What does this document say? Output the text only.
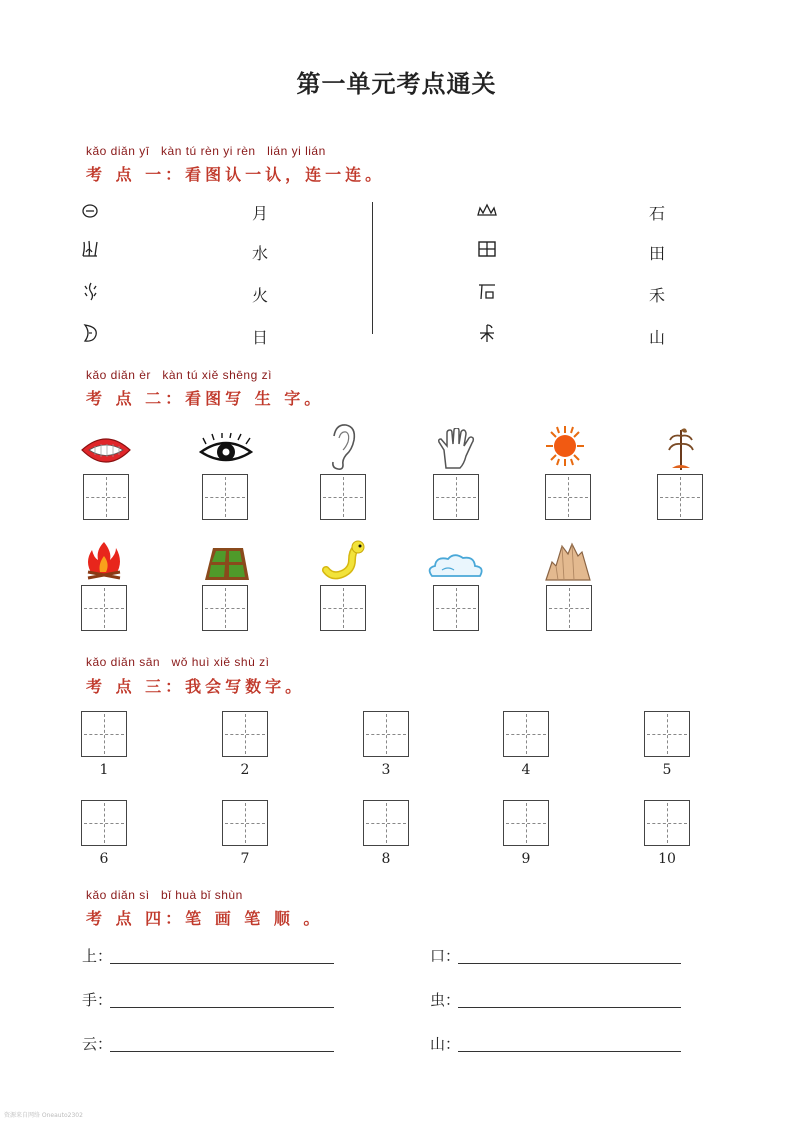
第一单元考点通关
kǎo diǎn yī   kàn tú rèn yi rèn   lián yi lián
考 点 一：看图认一认，连一连。
月
水
火
日
石
田
禾
山
kǎo diǎn èr   kàn tú xiě shēng zì
考 点 二：看图写 生 字。
kǎo diǎn sān   wǒ huì xiě shù zì
考 点 三：我会写数字。
1	2	3	4	5
6	7	8	9	10
kǎo diǎn sì   bǐ huà bǐ shùn
考 点 四：笔 画 笔 顺 。
上：	口：
手：	虫：
云：	山：
资源来自网络 Oneauto2302
